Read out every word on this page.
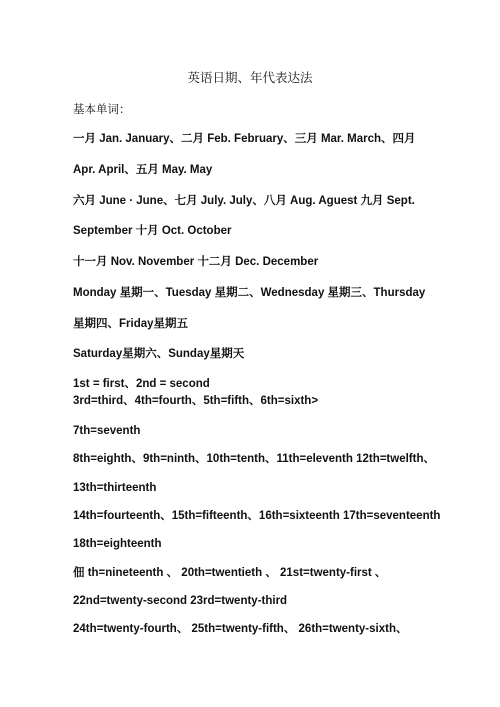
英语日期、年代表达法
基本单词：
一月 Jan. January、二月 Feb. February、三月 Mar. March、四月
Apr. April、五月 May. May
六月 June · June、七月 July. July、八月 Aug. Aguest 九月 Sept.
September 十月 Oct. October
十一月 Nov. November 十二月 Dec. December
Monday 星期一、Tuesday 星期二、Wednesday 星期三、Thursday
星期四、Friday星期五
Saturday星期六、Sunday星期天
1st = first、2nd = second
3rd=third、4th=fourth、5th=fifth、6th=sixth>
7th=seventh
8th=eighth、9th=ninth、10th=tenth、11th=eleventh 12th=twelfth、
13th=thirteenth
14th=fourteenth、15th=fifteenth、16th=sixteenth 17th=seventeenth
18th=eighteenth
佃 th=nineteenth 、 20th=twentieth 、 21st=twenty-first 、
22nd=twenty-second 23rd=twenty-third
24th=twenty-fourth、 25th=twenty-fifth、 26th=twenty-sixth、
